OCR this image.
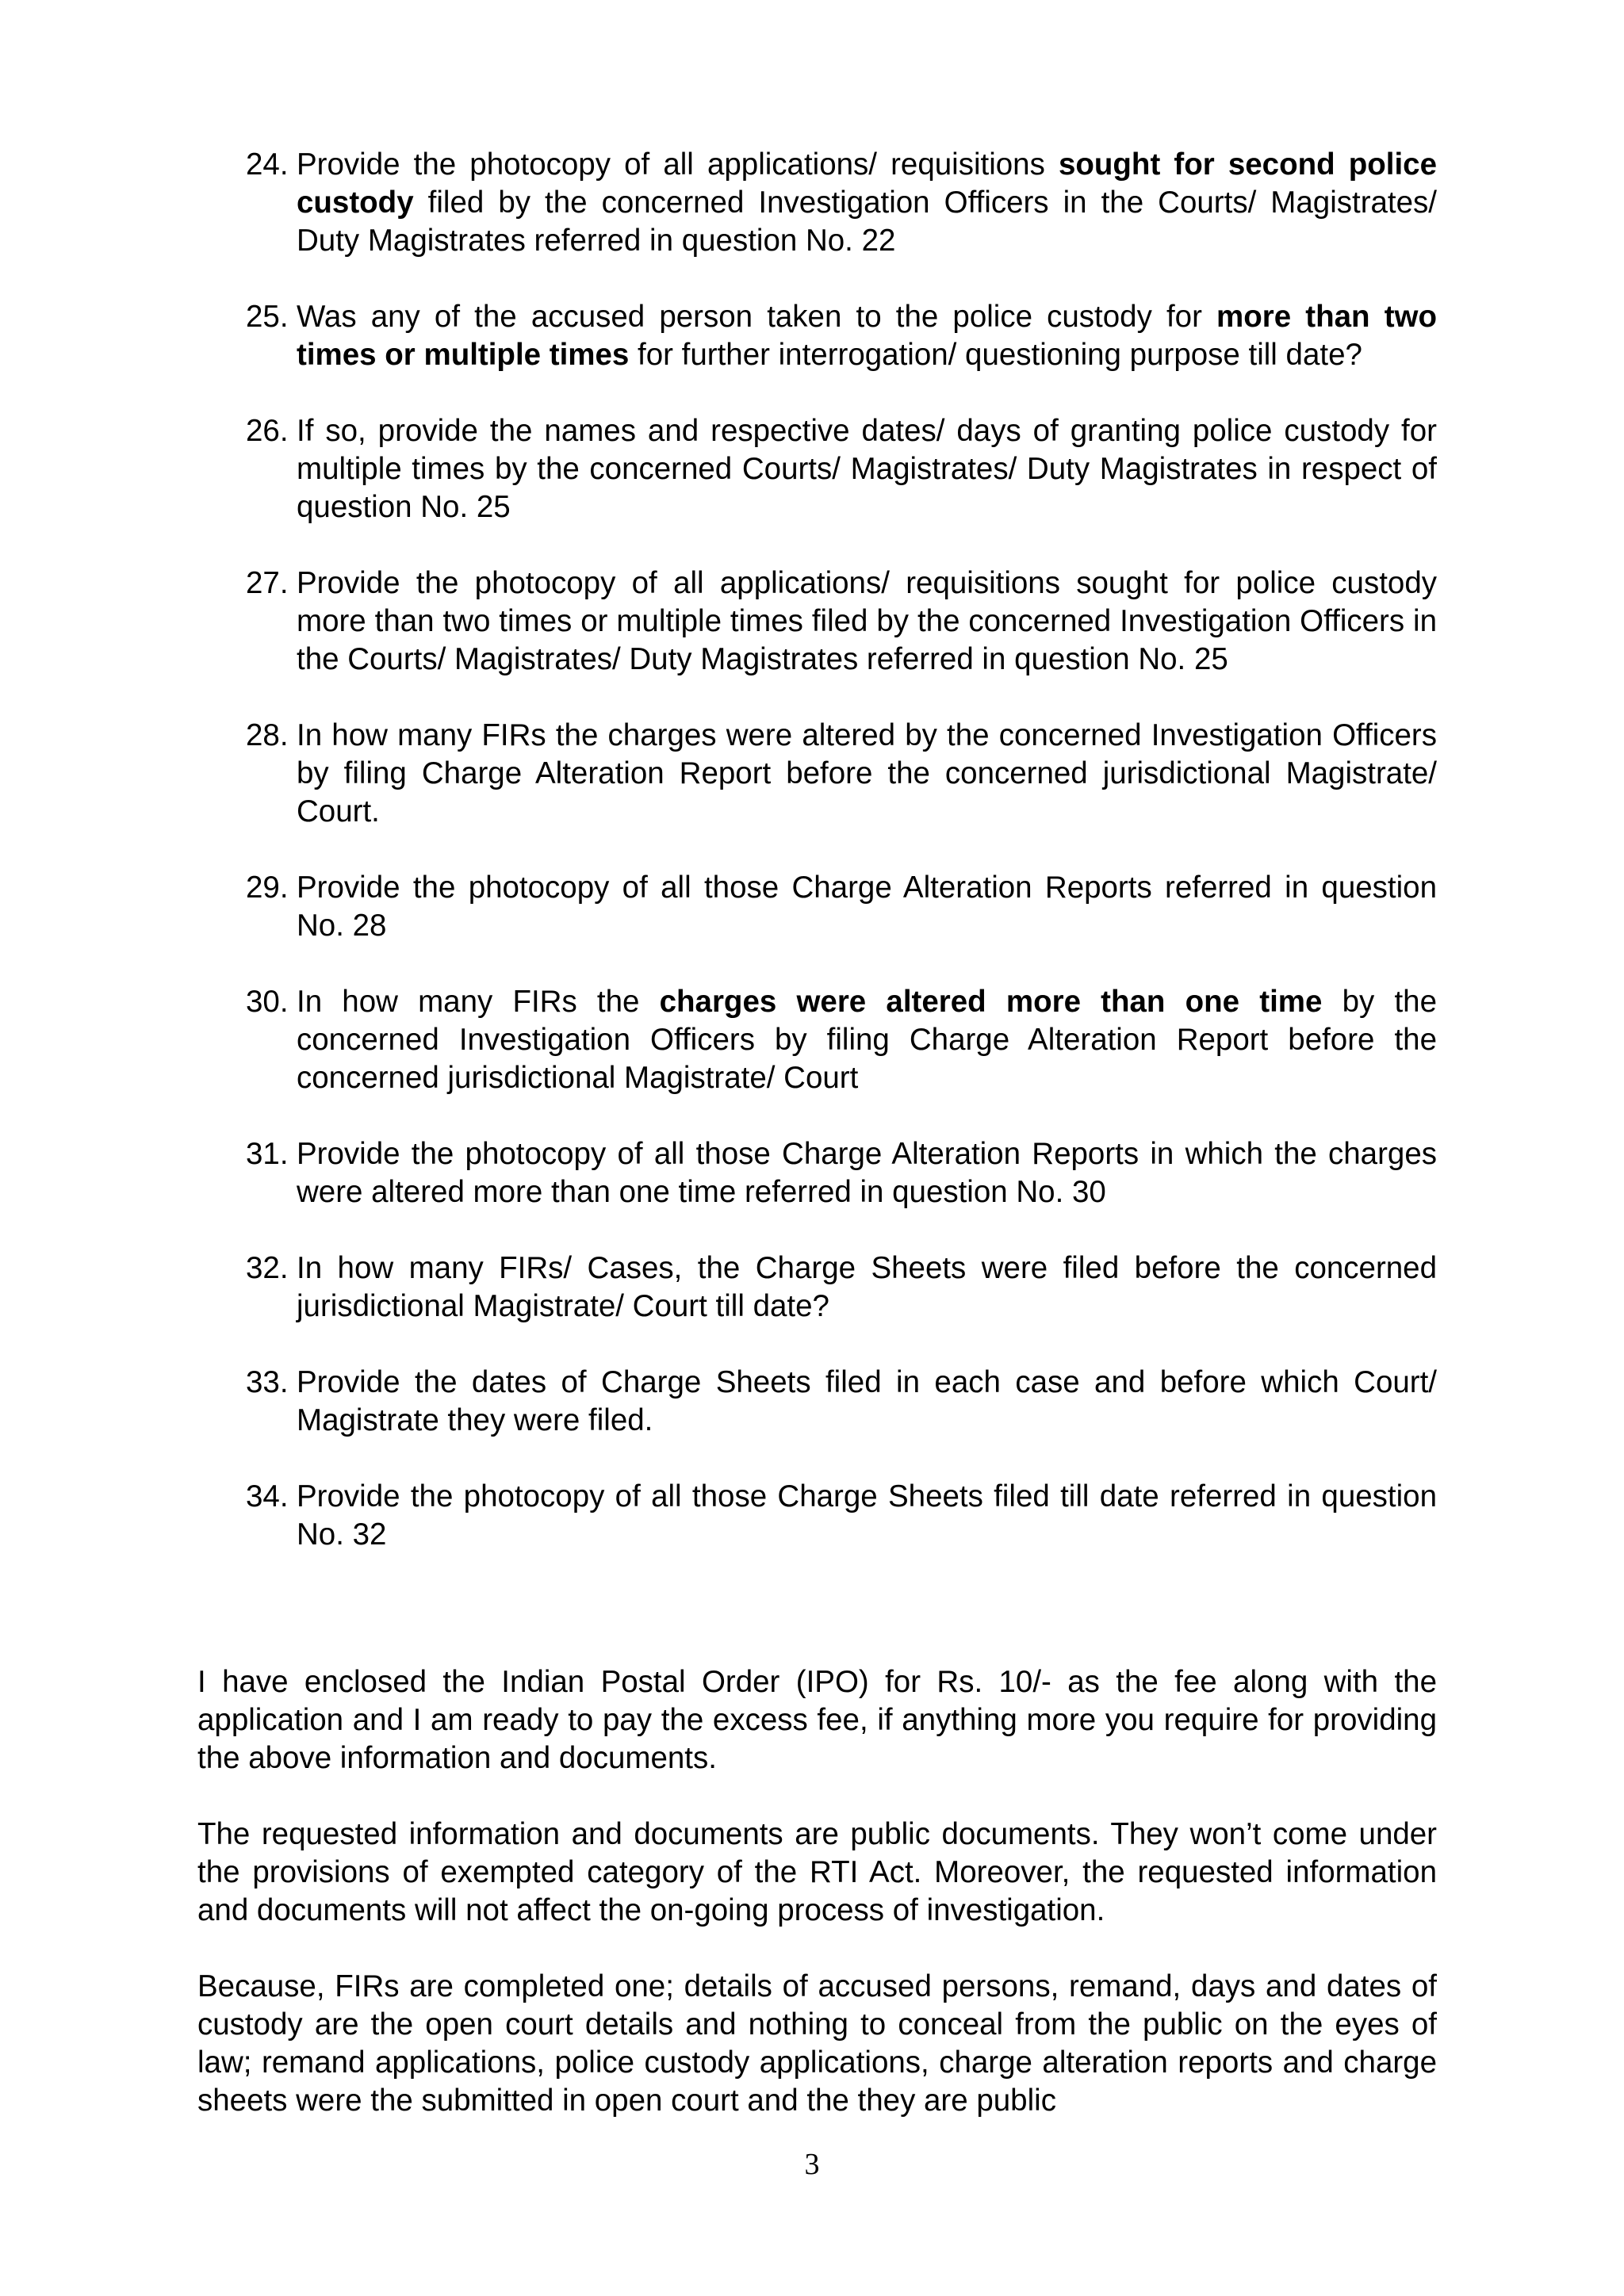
24. Provide the photocopy of all applications/ requisitions sought for second police custody filed by the concerned Investigation Officers in the Courts/ Magistrates/ Duty Magistrates referred in question No. 22
25. Was any of the accused person taken to the police custody for more than two times or multiple times for further interrogation/ questioning purpose till date?
26. If so, provide the names and respective dates/ days of granting police custody for multiple times by the concerned Courts/ Magistrates/ Duty Magistrates in respect of question No. 25
27. Provide the photocopy of all applications/ requisitions sought for police custody more than two times or multiple times filed by the concerned Investigation Officers in the Courts/ Magistrates/ Duty Magistrates referred in question No. 25
28. In how many FIRs the charges were altered by the concerned Investigation Officers by filing Charge Alteration Report before the concerned jurisdictional Magistrate/ Court.
29. Provide the photocopy of all those Charge Alteration Reports referred in question No. 28
30. In how many FIRs the charges were altered more than one time by the concerned Investigation Officers by filing Charge Alteration Report before the concerned jurisdictional Magistrate/ Court
31. Provide the photocopy of all those Charge Alteration Reports in which the charges were altered more than one time referred in question No. 30
32. In how many FIRs/ Cases, the Charge Sheets were filed before the concerned jurisdictional Magistrate/ Court till date?
33. Provide the dates of Charge Sheets filed in each case and before which Court/ Magistrate they were filed.
34. Provide the photocopy of all those Charge Sheets filed till date referred in question No. 32

I have enclosed the Indian Postal Order (IPO) for Rs. 10/- as the fee along with the application and I am ready to pay the excess fee, if anything more you require for providing the above information and documents.

The requested information and documents are public documents. They won’t come under the provisions of exempted category of the RTI Act. Moreover, the requested information and documents will not affect the on-going process of investigation.

Because, FIRs are completed one; details of accused persons, remand, days and dates of custody are the open court details and nothing to conceal from the public on the eyes of law; remand applications, police custody applications, charge alteration reports and charge sheets were the submitted in open court and the they are public

3
